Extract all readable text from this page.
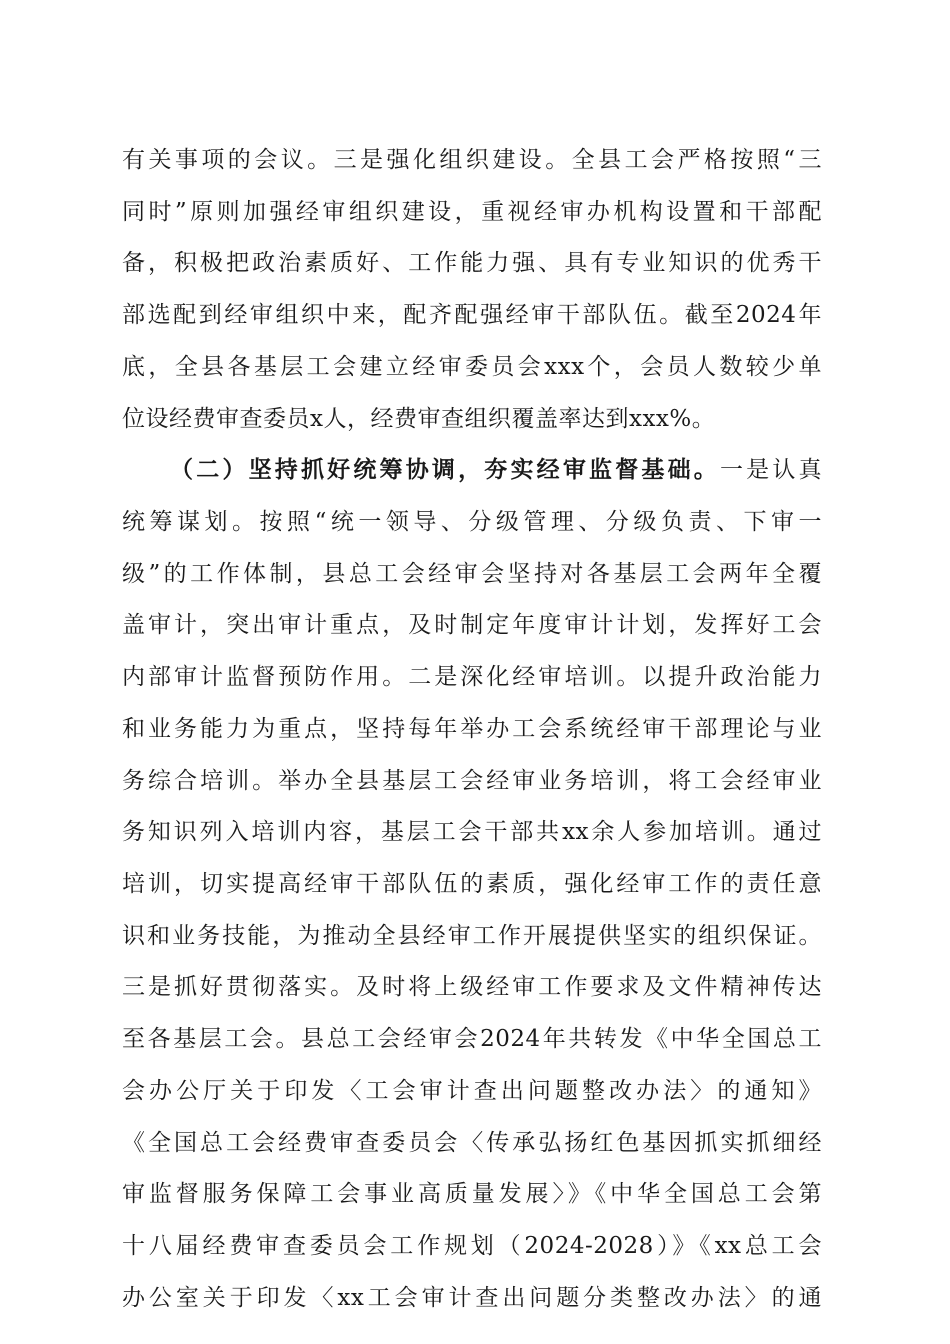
有关事项的会议。三是强化组织建设。全县工会严格按照“三
同时”原则加强经审组织建设，重视经审办机构设置和干部配
备，积极把政治素质好、工作能力强、具有专业知识的优秀干
部选配到经审组织中来，配齐配强经审干部队伍。截至2024年
底，全县各基层工会建立经审委员会xxx个，会员人数较少单
位设经费审查委员x人，经费审查组织覆盖率达到xxx%。
（二）坚持抓好统筹协调，夯实经审监督基础。一是认真
统筹谋划。按照“统一领导、分级管理、分级负责、下审一
级”的工作体制，县总工会经审会坚持对各基层工会两年全覆
盖审计，突出审计重点，及时制定年度审计计划，发挥好工会
内部审计监督预防作用。二是深化经审培训。以提升政治能力
和业务能力为重点，坚持每年举办工会系统经审干部理论与业
务综合培训。举办全县基层工会经审业务培训，将工会经审业
务知识列入培训内容，基层工会干部共xx余人参加培训。通过
培训，切实提高经审干部队伍的素质，强化经审工作的责任意
识和业务技能，为推动全县经审工作开展提供坚实的组织保证。
三是抓好贯彻落实。及时将上级经审工作要求及文件精神传达
至各基层工会。县总工会经审会2024年共转发《中华全国总工
会办公厅关于印发〈工会审计查出问题整改办法〉的通知》
《全国总工会经费审查委员会〈传承弘扬红色基因抓实抓细经
审监督服务保障工会事业高质量发展〉》《中华全国总工会第
十八届经费审查委员会工作规划（2024-2028）》《xx总工会
办公室关于印发〈xx工会审计查出问题分类整改办法〉的通
